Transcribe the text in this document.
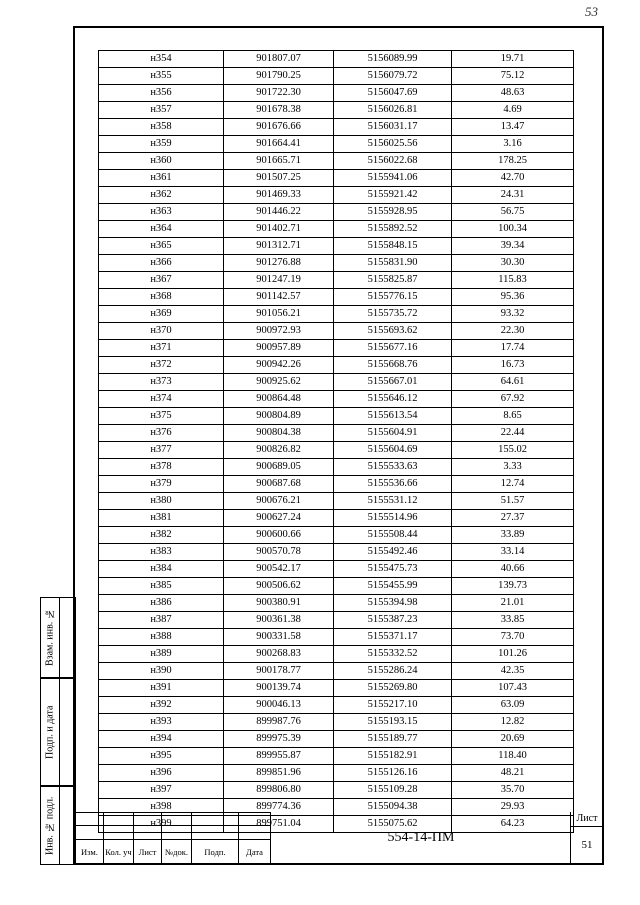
53
Взам. инв. №
Подп. и дата
Инв. № подл.
н354	901807.07	5156089.99	19.71
н355	901790.25	5156079.72	75.12
н356	901722.30	5156047.69	48.63
н357	901678.38	5156026.81	4.69
н358	901676.66	5156031.17	13.47
н359	901664.41	5156025.56	3.16
н360	901665.71	5156022.68	178.25
н361	901507.25	5155941.06	42.70
н362	901469.33	5155921.42	24.31
н363	901446.22	5155928.95	56.75
н364	901402.71	5155892.52	100.34
н365	901312.71	5155848.15	39.34
н366	901276.88	5155831.90	30.30
н367	901247.19	5155825.87	115.83
н368	901142.57	5155776.15	95.36
н369	901056.21	5155735.72	93.32
н370	900972.93	5155693.62	22.30
н371	900957.89	5155677.16	17.74
н372	900942.26	5155668.76	16.73
н373	900925.62	5155667.01	64.61
н374	900864.48	5155646.12	67.92
н375	900804.89	5155613.54	8.65
н376	900804.38	5155604.91	22.44
н377	900826.82	5155604.69	155.02
н378	900689.05	5155533.63	3.33
н379	900687.68	5155536.66	12.74
н380	900676.21	5155531.12	51.57
н381	900627.24	5155514.96	27.37
н382	900600.66	5155508.44	33.89
н383	900570.78	5155492.46	33.14
н384	900542.17	5155475.73	40.66
н385	900506.62	5155455.99	139.73
н386	900380.91	5155394.98	21.01
н387	900361.38	5155387.23	33.85
н388	900331.58	5155371.17	73.70
н389	900268.83	5155332.52	101.26
н390	900178.77	5155286.24	42.35
н391	900139.74	5155269.80	107.43
н392	900046.13	5155217.10	63.09
н393	899987.76	5155193.15	12.82
н394	899975.39	5155189.77	20.69
н395	899955.87	5155182.91	118.40
н396	899851.96	5155126.16	48.21
н397	899806.80	5155109.28	35.70
н398	899774.36	5155094.38	29.93
н399	899751.04	5155075.62	64.23

Изм.	Кол. уч	Лист	№док.	Подп.	Дата
554-14-ПМ
Лист
51
